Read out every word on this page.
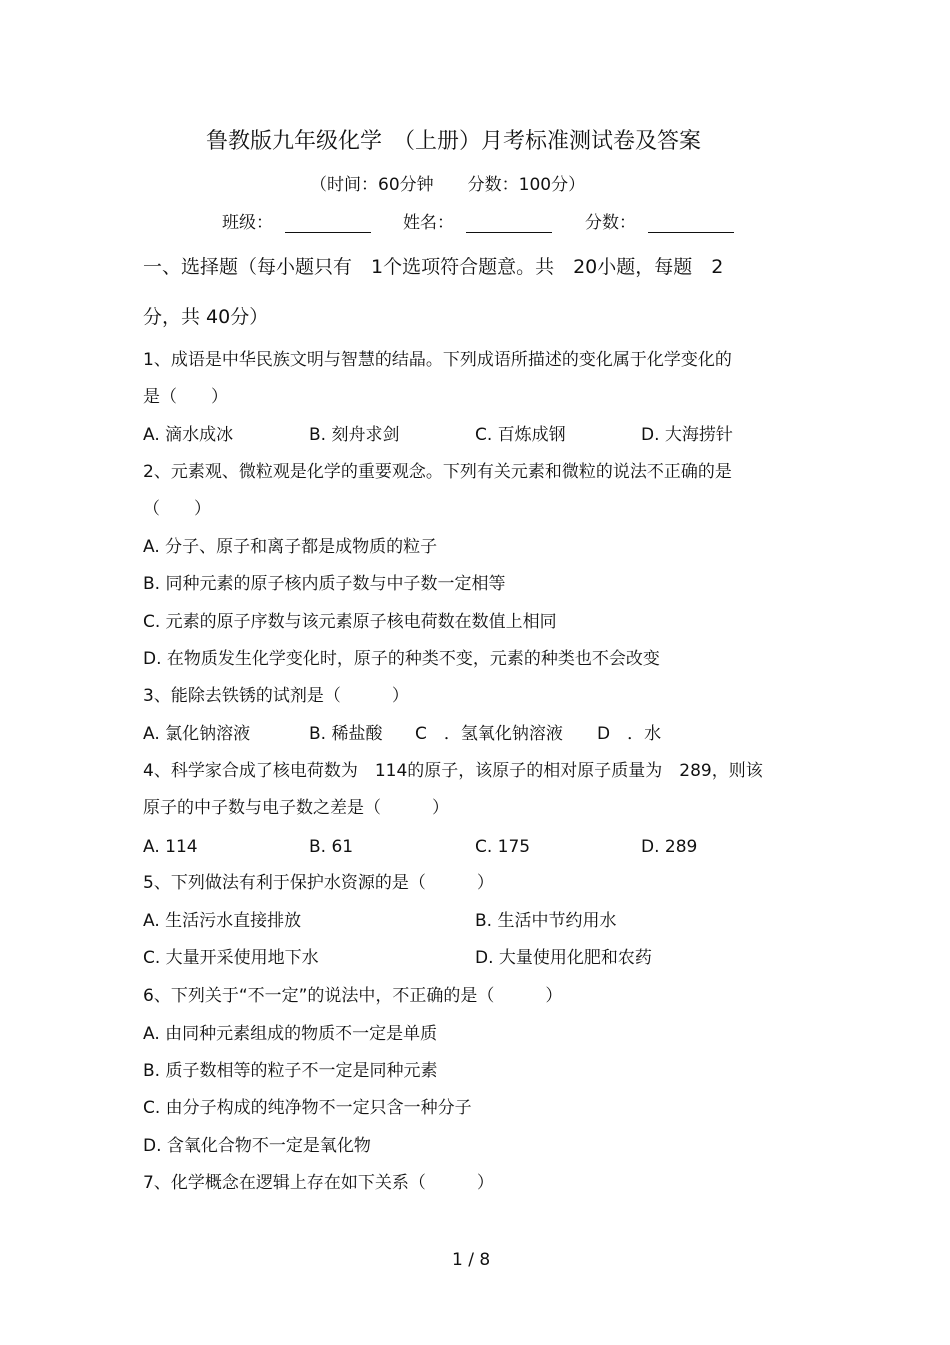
鲁教版九年级化学　（上册）月考标准测试卷及答案
（时间：60分钟　　分数：100分）
班级：	姓名：	分数：
一、选择题（每小题只有　1个选项符合题意。共　20小题，每题　2
分，共 40分）
1、成语是中华民族文明与智慧的结晶。下列成语所描述的变化属于化学变化的
是（　　）
A. 滴水成冰	B. 刻舟求剑	C. 百炼成钢	D. 大海捞针
2、元素观、微粒观是化学的重要观念。下列有关元素和微粒的说法不正确的是
（　　）
A. 分子、原子和离子都是成物质的粒子
B. 同种元素的原子核内质子数与中子数一定相等
C. 元素的原子序数与该元素原子核电荷数在数值上相同
D. 在物质发生化学变化时，原子的种类不变，元素的种类也不会改变
3、能除去铁锈的试剂是（　　　）
A. 氯化钠溶液	B. 稀盐酸 C　．氢氧化钠溶液 D　．水
4、科学家合成了核电荷数为　114的原子，该原子的相对原子质量为　289，则该
原子的中子数与电子数之差是（　　　）
A. 114	B. 61	C. 175	D. 289
5、下列做法有利于保护水资源的是（　　　）
A. 生活污水直接排放	B. 生活中节约用水
C. 大量开采使用地下水	D. 大量使用化肥和农药
6、下列关于“不一定”的说法中，不正确的是（　　　）
A. 由同种元素组成的物质不一定是单质
B. 质子数相等的粒子不一定是同种元素
C. 由分子构成的纯净物不一定只含一种分子
D. 含氧化合物不一定是氧化物
7、化学概念在逻辑上存在如下关系（　　　）
1 / 8
